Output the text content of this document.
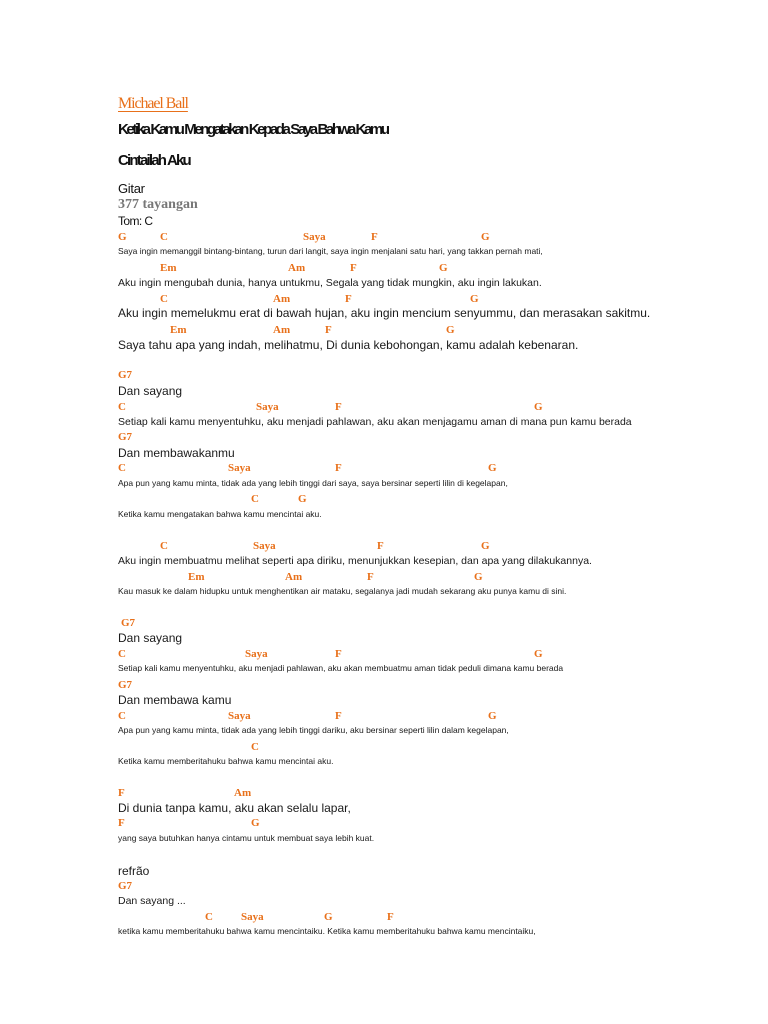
Michael Ball
Ketika Kamu Mengatakan Kepada Saya Bahwa Kamu
Cintailah Aku
Gitar
377 tayangan
Tom: C
G	C	Saya	F	G
Saya ingin memanggil bintang-bintang, turun dari langit, saya ingin menjalani satu hari, yang takkan pernah mati,
Em	Am	F	G
Aku ingin mengubah dunia, hanya untukmu, Segala yang tidak mungkin, aku ingin lakukan.
C	Am	F	G
Aku ingin memelukmu erat di bawah hujan, aku ingin mencium senyummu, dan merasakan sakitmu.
Em	Am	F	G
Saya tahu apa yang indah, melihatmu, Di dunia kebohongan, kamu adalah kebenaran.
G7
Dan sayang
C	Saya	F	G
Setiap kali kamu menyentuhku, aku menjadi pahlawan, aku akan menjagamu aman di mana pun kamu berada
G7
Dan membawakanmu
C	Saya	F	G
Apa pun yang kamu minta, tidak ada yang lebih tinggi dari saya, saya bersinar seperti lilin di kegelapan,
C	G
Ketika kamu mengatakan bahwa kamu mencintai aku.
C	Saya	F	G
Aku ingin membuatmu melihat seperti apa diriku, menunjukkan kesepian, dan apa yang dilakukannya.
Em	Am	F	G
Kau masuk ke dalam hidupku untuk menghentikan air mataku, segalanya jadi mudah sekarang aku punya kamu di sini.
G7
Dan sayang
C	Saya	F	G
Setiap kali kamu menyentuhku, aku menjadi pahlawan, aku akan membuatmu aman tidak peduli dimana kamu berada
G7
Dan membawa kamu
C	Saya	F	G
Apa pun yang kamu minta, tidak ada yang lebih tinggi dariku, aku bersinar seperti lilin dalam kegelapan,
C
Ketika kamu memberitahuku bahwa kamu mencintai aku.
F	Am
Di dunia tanpa kamu, aku akan selalu lapar,
F	G
yang saya butuhkan hanya cintamu untuk membuat saya lebih kuat.
refrão
G7
Dan sayang ...
C	Saya	G	F
ketika kamu memberitahuku bahwa kamu mencintaiku. Ketika kamu memberitahuku bahwa kamu mencintaiku,
